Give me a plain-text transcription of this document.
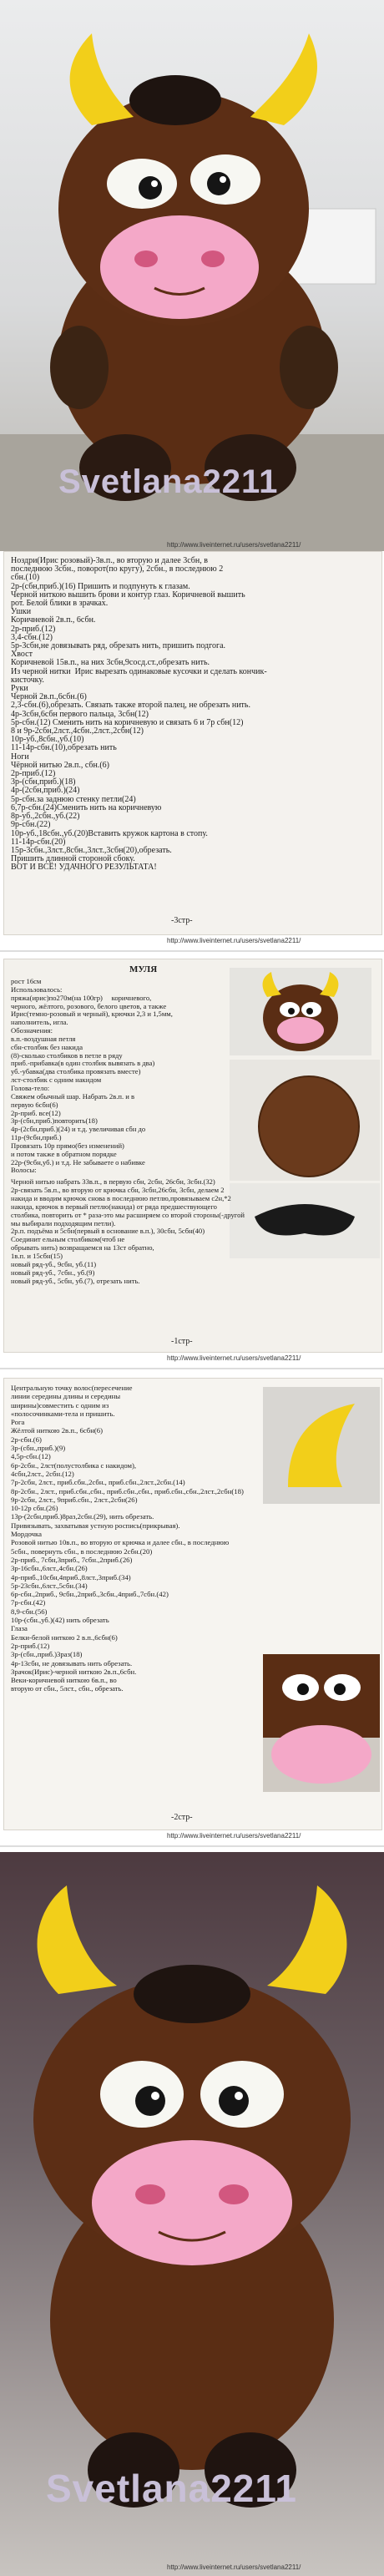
Svetlana2211
http://www.liveinternet.ru/users/svetlana2211/
Ноздри(Ирис розовый)-3в.п., во вторую и далее 3сбн, в
последнюю 3сбн., поворот(по кругу), 2сбн., в последнюю 2
сбн.(10)
2р-(сбн,приб.)(16) Пришить и подпунуть к глазам.
Черной ниткою вышить брови и контур глаз. Коричневой вышить
рот. Белой блики в зрачках.
Ушки
Коричневой 2в.п., 6сбн.
2р-приб.(12)
3,4-сбн.(12)
5р-3сбн,не довязывать ряд, обрезать нить, пришить подгога.
Хвост
Коричневой 15в.п., на них 3сбн,9сосд.ст.,обрезать нить.
Из черной нитки  Ирис вырезать одинаковые кусочки и сделать кончик-
кисточку.
Руки
Черной 2в.п.,6сбн.(6)
2,3-сбн.(6),обрезать. Связать также второй палец, не обрезать нить.
4р-3сбн,6сбн первого пальца, 3сбн(12)
5р-сбн.(12) Сменить нить на коричневую и связать 6 и 7р сбн(12)
8 и 9р-2сбн,2лст.,4сбн.,2лст.,2сбн(12)
10р-уб.,8сбн.,уб.(10)
11-14р-сбн.(10),обрезать нить
Ноги
Чёрной нитью 2в.п., сбн.(6)
2р-приб.(12)
3р-(сбн,приб.)(18)
4р-(2сбн,приб.)(24)
5р-сбн.за заднюю стенку петли(24)
6,7р-сбн.(24)Сменить нить на коричневую
8р-уб.,2сбн.,уб.(22)
9р-сбн.(22)
10р-уб.,18сбн.,уб.(20)Вставить кружок картона в стопу.
11-14р-сбн.(20)
15р-3сбн.,3лст.,8сбн.,3лст.,3сбн(20),обрезать.
Пришить длинной стороной сбоку.
ВОТ И ВСЁ! УДАЧНОГО РЕЗУЛЬТАТА!
-3стр-
http://www.liveinternet.ru/users/svetlana2211/
МУЛЯ
рост 16см
Использовалось:
пряжа(ирис)по270м(на 100гр)     коричневого,
черного, жёлтого, розового, белого цветов, а также
Ирис(темно-розовый и черный), крючки 2,3 и 1,5мм,
наполнитель, игла.
Обозначения:
в.п.-воздушная петля
сбн-столбик без накида
(8)-сколько столбиков в петле в ряду
приб.-прибавка(в один столбик вывязать в два)
уб.-убавка(два столбика провязать вместе)
лст-столбик с одним накидом
Голова-тело:
Свяжем обычный шар. Набрать 2в.п. и в
первую 6сбн(6)
2р-приб. все(12)
3р-(сбн,приб.)повторить(18)
4р-(2сбн,приб.)(24) и т.д. увеличивая сбн до
11р-(9сбн,приб.)
Провязать 10р прямо(без изменений)
и потом также в обратном порядке
22р-(9сбн,уб.) и т.д. Не забываете о набивке
Волосы:
Черной нитью набрать 33в.п., в первую сбн, 2сбн, 26сбн, 3сбн.(32)
2р-связать 5в.п., во вторую от крючка сбн, 3сбн,26сбн, 3сбн, делаем 2
накида и вводим крючок снова в последнюю петлю,провязываем с2н,*2
накида, крючок в первый петлю(накида) от ряда предшествующего
столбика, повторить от * раза-это мы расширяем со второй стороны(-другой
мы выбирали подходящим петли).
2р.п. подъёма и 5сбн(первый в основание в.п.), 30сбн, 5сбн(40)
Соединит ельным столбиком(чтоб не
обрывать нить) возвращаемся на 13ст обратно,
1в.п. и 15сбн(15)
новый ряд-уб., 9сбн, уб.(11)
новый ряд-уб., 7сбн., уб.(9)
новый ряд-уб., 5сбн, уб.(7), отрезать нить.
-1стр-
http://www.liveinternet.ru/users/svetlana2211/
Центральную точку волос(пересечение
линии середины длины и середины
ширины)совместить с одним из
«полосочинками-тела и пришить.
Рога
Жёлтой ниткою 2в.п., 6сбн(6)
2р-сбн.(6)
3р-(сбн.,приб.)(9)
4,5р-сбн.(12)
6р-2сбн., 2лст(полустолбика с накидом),
4сбн,2лст., 2сбн.(12)
7р-2сбн, 2лст., приб.сбн.,2сбн., приб.сбн.,2лст.,2сбн.(14)
8р-2сбн., 2лст., приб.сбн.,сбн., приб.сбн.,сбн., приб.сбн.,сбн.,2лст.,2сбн(18)
9р-2сбн, 2лст., 9приб.сбн., 2лст.,2сбн(26)
10-12р сбн.(26)
13р-(2сбн,приб.)8раз,2сбн.(29), нить обрезать.
Привязывать, захватывая устную роспись(прикрывая).
Мордочка
Розовой нитью 10в.п., во вторую от крючка и далее сбн., в последнюю
5сбн., повернуть сбн., в последнюю 2сбн.(20)
2р-приб., 7сбн,3приб., 7сбн.,2приб.(26)
3р-16сбн.,6лст.,4сбн.(26)
4р-приб.,10сбн,4приб.,8лст.,3приб.(34)
5р-23сбн.,6лст.,5сбн.(34)
6р-сбн.,2приб., 9сбн.,2приб.,3сбн.,4приб.,7сбн.(42)
7р-сбн.(42)
8,9-сбн.(56)
10р-(сбн.,уб.)(42) нить обрезать
Глаза
Белки-белой ниткою 2 в.п.,6сбн(6)
2р-приб.(12)
3р-(сбн.,приб.)3раз(18)
4р-13сбн, не довязывать нить обрезать.
Зрачок(Ирис)-черной ниткою 2в.п.,6сбн.
Веки-коричневой ниткою 6в.п., во
вторую от сбн., 5лст., сбн., обрезать.
-2стр-
http://www.liveinternet.ru/users/svetlana2211/
Svetlana2211
http://www.liveinternet.ru/users/svetlana2211/
